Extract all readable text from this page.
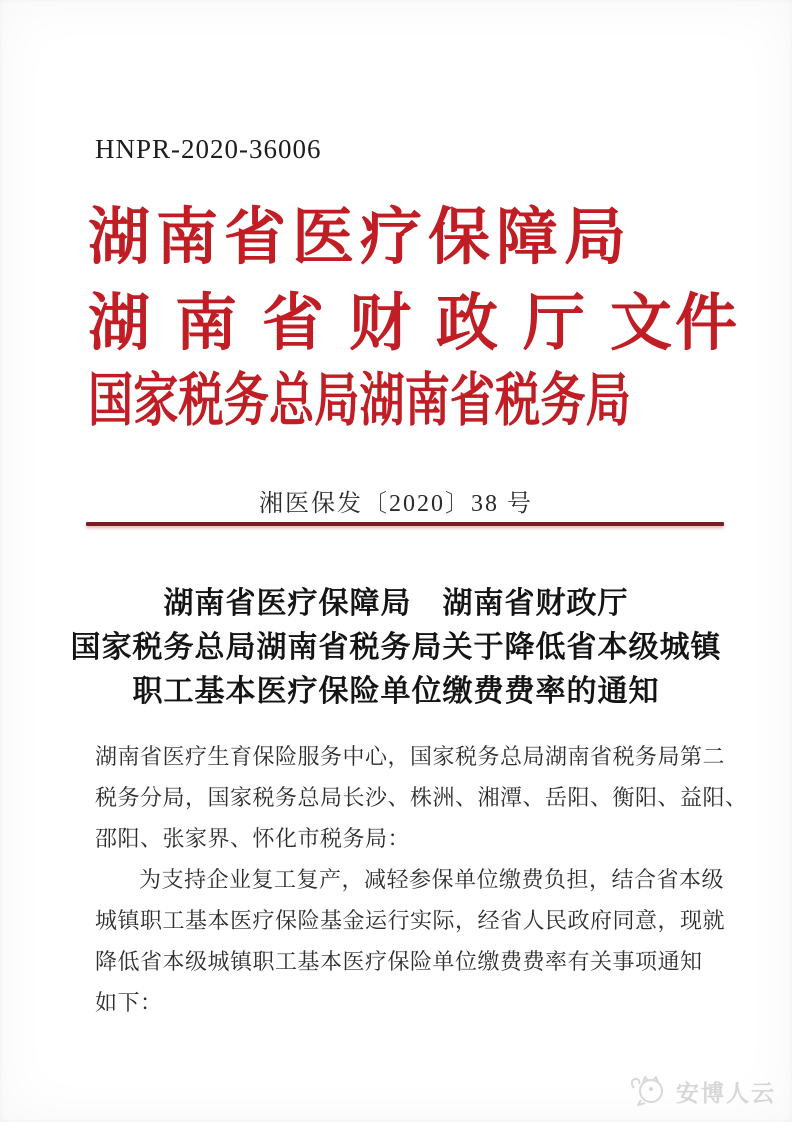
HNPR-2020-36006
湖南省医疗保障局
湖南省财政厅文件
国家税务总局湖南省税务局
湘医保发〔2020〕38 号
湖南省医疗保障局　湖南省财政厅
国家税务总局湖南省税务局关于降低省本级城镇
职工基本医疗保险单位缴费费率的通知
湖南省医疗生育保险服务中心，国家税务总局湖南省税务局第二
税务分局，国家税务总局长沙、株洲、湘潭、岳阳、衡阳、益阳、
邵阳、张家界、怀化市税务局：
为支持企业复工复产，减轻参保单位缴费负担，结合省本级
城镇职工基本医疗保险基金运行实际，经省人民政府同意，现就
降低省本级城镇职工基本医疗保险单位缴费费率有关事项通知
如下：
安博人云
